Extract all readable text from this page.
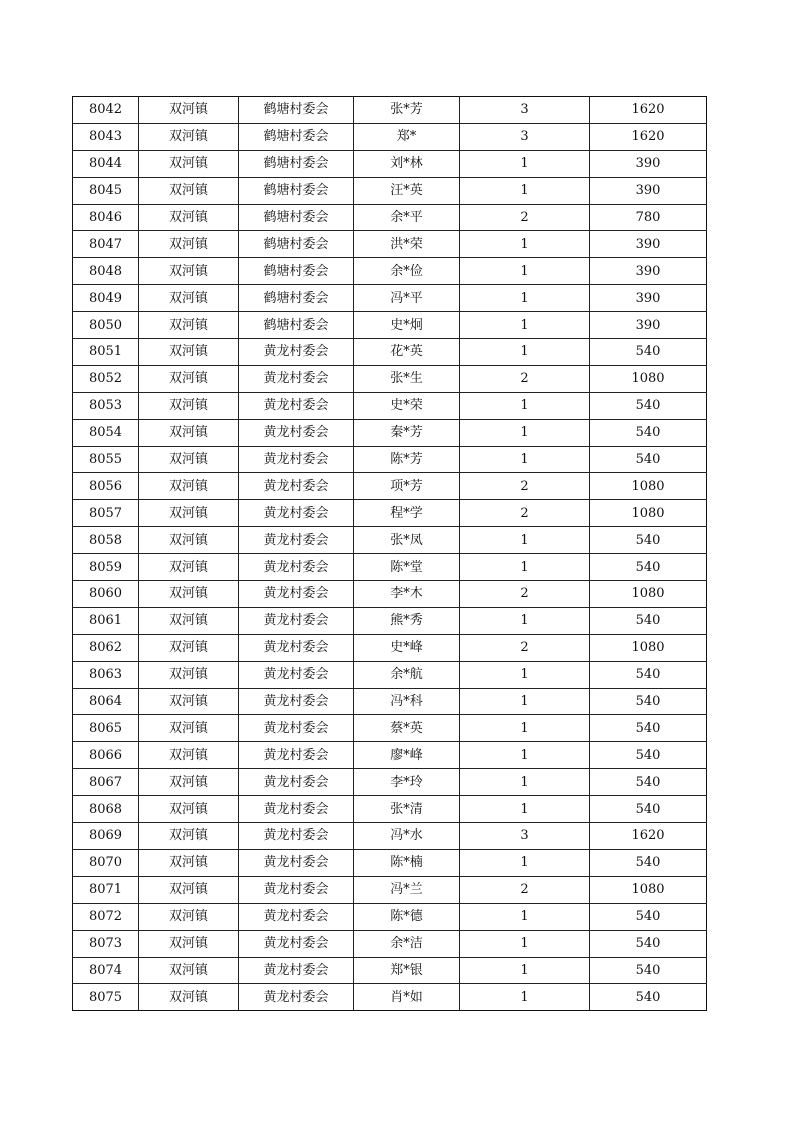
8042	双河镇	鹤塘村委会	张*芳	3	1620
8043	双河镇	鹤塘村委会	郑*	3	1620
8044	双河镇	鹤塘村委会	刘*林	1	390
8045	双河镇	鹤塘村委会	汪*英	1	390
8046	双河镇	鹤塘村委会	余*平	2	780
8047	双河镇	鹤塘村委会	洪*荣	1	390
8048	双河镇	鹤塘村委会	余*俭	1	390
8049	双河镇	鹤塘村委会	冯*平	1	390
8050	双河镇	鹤塘村委会	史*炯	1	390
8051	双河镇	黄龙村委会	花*英	1	540
8052	双河镇	黄龙村委会	张*生	2	1080
8053	双河镇	黄龙村委会	史*荣	1	540
8054	双河镇	黄龙村委会	秦*芳	1	540
8055	双河镇	黄龙村委会	陈*芳	1	540
8056	双河镇	黄龙村委会	项*芳	2	1080
8057	双河镇	黄龙村委会	程*学	2	1080
8058	双河镇	黄龙村委会	张*凤	1	540
8059	双河镇	黄龙村委会	陈*堂	1	540
8060	双河镇	黄龙村委会	李*木	2	1080
8061	双河镇	黄龙村委会	熊*秀	1	540
8062	双河镇	黄龙村委会	史*峰	2	1080
8063	双河镇	黄龙村委会	余*航	1	540
8064	双河镇	黄龙村委会	冯*科	1	540
8065	双河镇	黄龙村委会	蔡*英	1	540
8066	双河镇	黄龙村委会	廖*峰	1	540
8067	双河镇	黄龙村委会	李*玲	1	540
8068	双河镇	黄龙村委会	张*清	1	540
8069	双河镇	黄龙村委会	冯*水	3	1620
8070	双河镇	黄龙村委会	陈*楠	1	540
8071	双河镇	黄龙村委会	冯*兰	2	1080
8072	双河镇	黄龙村委会	陈*德	1	540
8073	双河镇	黄龙村委会	余*洁	1	540
8074	双河镇	黄龙村委会	郑*银	1	540
8075	双河镇	黄龙村委会	肖*如	1	540
